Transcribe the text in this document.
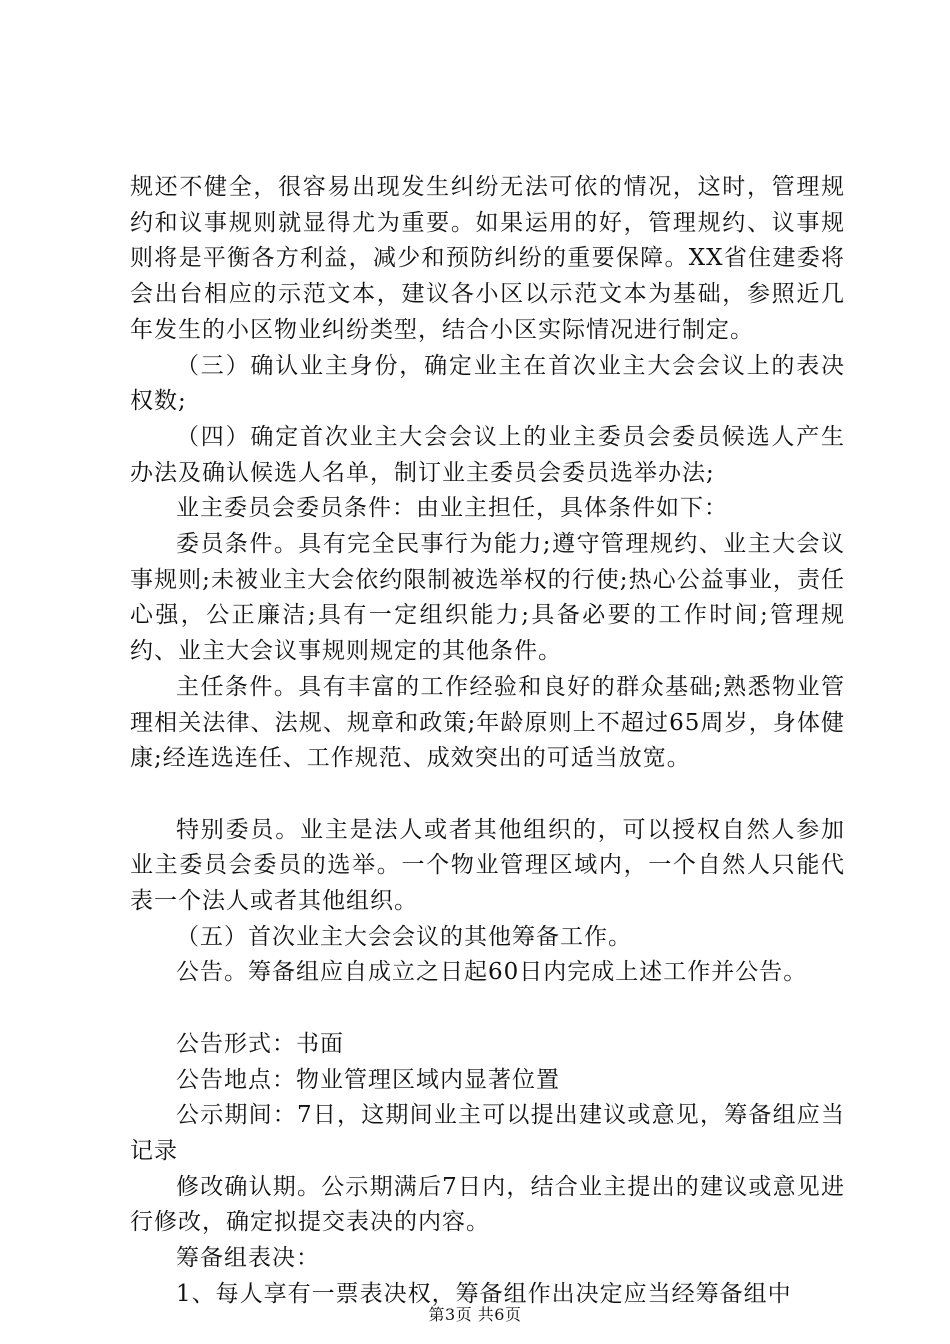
规还不健全，很容易出现发生纠纷无法可依的情况，这时，管理规约和议事规则就显得尤为重要。如果运用的好，管理规约、议事规则将是平衡各方利益，减少和预防纠纷的重要保障。XX省住建委将会出台相应的示范文本，建议各小区以示范文本为基础，参照近几年发生的小区物业纠纷类型，结合小区实际情况进行制定。

（三）确认业主身份，确定业主在首次业主大会会议上的表决权数;

（四）确定首次业主大会会议上的业主委员会委员候选人产生办法及确认候选人名单，制订业主委员会委员选举办法;

业主委员会委员条件：由业主担任，具体条件如下：

委员条件。具有完全民事行为能力;遵守管理规约、业主大会议事规则;未被业主大会依约限制被选举权的行使;热心公益事业，责任心强，公正廉洁;具有一定组织能力;具备必要的工作时间;管理规约、业主大会议事规则规定的其他条件。

主任条件。具有丰富的工作经验和良好的群众基础;熟悉物业管理相关法律、法规、规章和政策;年龄原则上不超过65周岁，身体健康;经连选连任、工作规范、成效突出的可适当放宽。

特别委员。业主是法人或者其他组织的，可以授权自然人参加业主委员会委员的选举。一个物业管理区域内，一个自然人只能代表一个法人或者其他组织。

（五）首次业主大会会议的其他筹备工作。

公告。筹备组应自成立之日起60日内完成上述工作并公告。

公告形式：书面

公告地点：物业管理区域内显著位置

公示期间：7日，这期间业主可以提出建议或意见，筹备组应当记录

修改确认期。公示期满后7日内，结合业主提出的建议或意见进行修改，确定拟提交表决的内容。

筹备组表决：

1、每人享有一票表决权，筹备组作出决定应当经筹备组中

第3页 共6页
